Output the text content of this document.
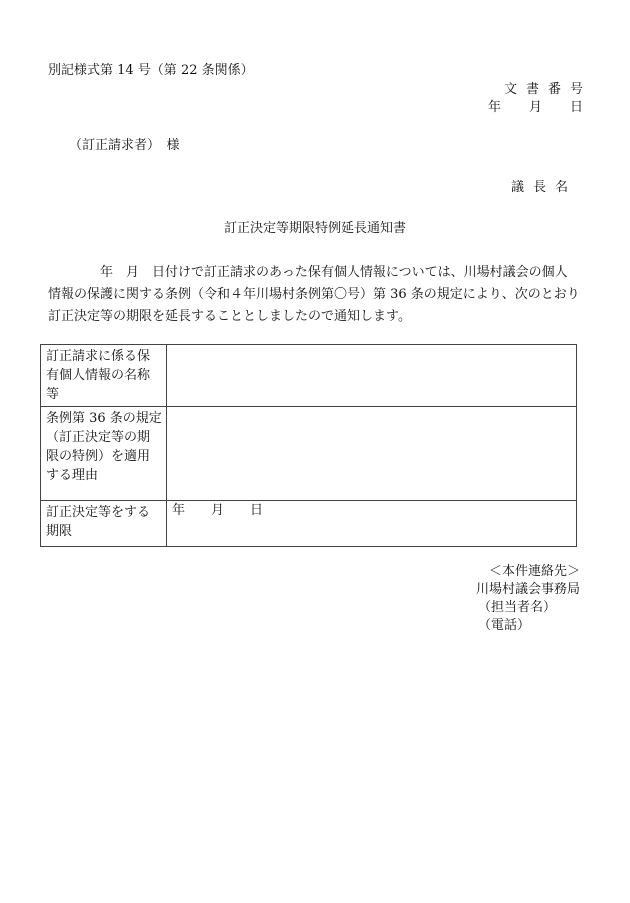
別記様式第 14 号（第 22 条関係）
文書番号
年 月 日
（訂正請求者）　様
議長名
訂正決定等期限特例延長通知書

年　月　日付けで訂正請求のあった保有個人情報については、川場村議会の個人情報の保護に関する条例（令和４年川場村条例第〇号）第 36 条の規定により、次のとおり訂正決定等の期限を延長することとしましたので通知します。

訂正請求に係る保有個人情報の名称等	
条例第 36 条の規定（訂正決定等の期限の特例）を適用する理由	
訂正決定等をする期限	年　　月　　日
＜本件連絡先＞
川場村議会事務局
（担当者名）
（電話）
